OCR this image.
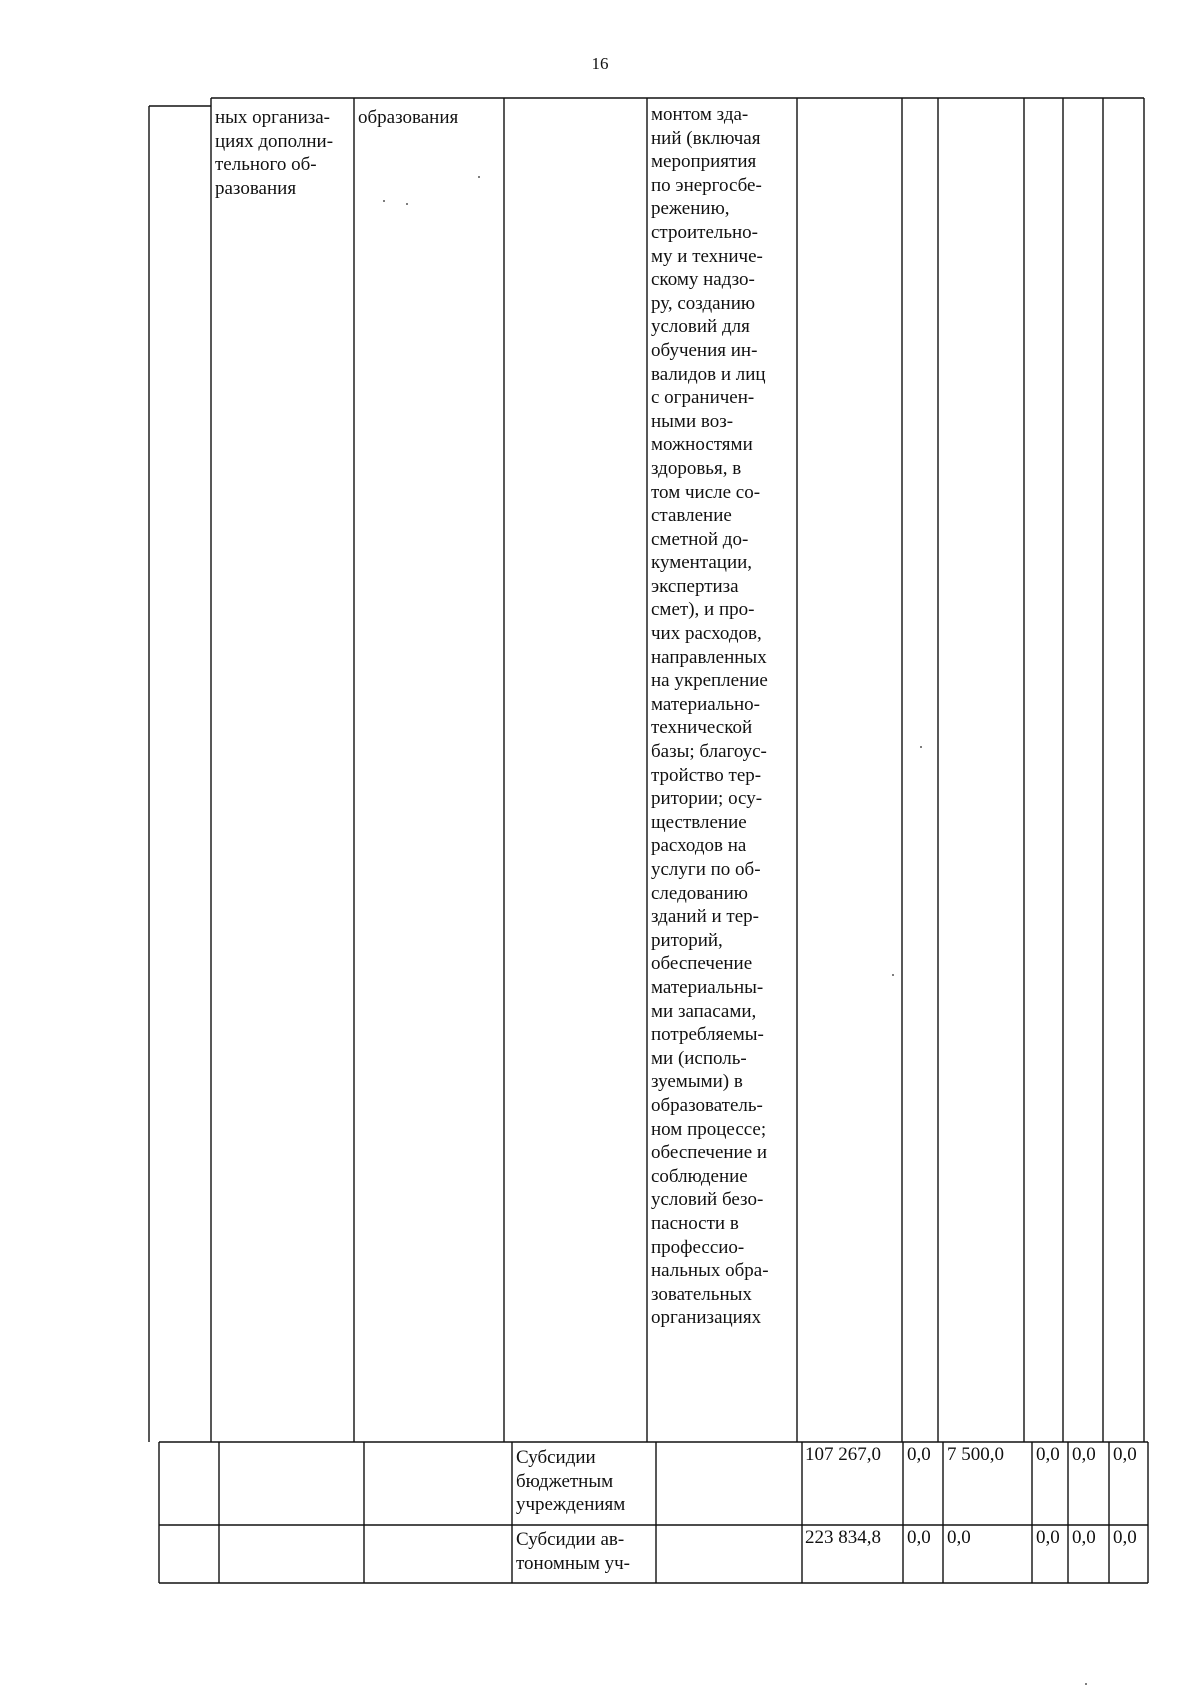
16
ных организа-
циях дополни-
тельного об-
разования
образования	монтом зда-
ний (включая
мероприятия
по энергосбе-
режению,
строительно-
му и техниче-
скому надзо-
ру, созданию
условий для
обучения ин-
валидов и лиц
с ограничен-
ными воз-
можностями
здоровья, в
том числе со-
ставление
сметной до-
кументации,
экспертиза
смет), и про-
чих расходов,
направленных
на укрепление
материально-
технической
базы; благоус-
тройство тер-
ритории; осу-
ществление
расходов на
услуги по об-
следованию
зданий и тер-
риторий,
обеспечение
материальны-
ми запасами,
потребляемы-
ми (исполь-
зуемыми) в
образователь-
ном процессе;
обеспечение и
соблюдение
условий безо-
пасности в
профессио-
нальных обра-
зовательных
организациях
Субсидии
бюджетным
учреждениям
107 267,0 0,0 7 500,0 0,0 0,0 0,0
Субсидии ав-
тономным уч-
223 834,8 0,0 0,0	0,0 0,0 0,0
